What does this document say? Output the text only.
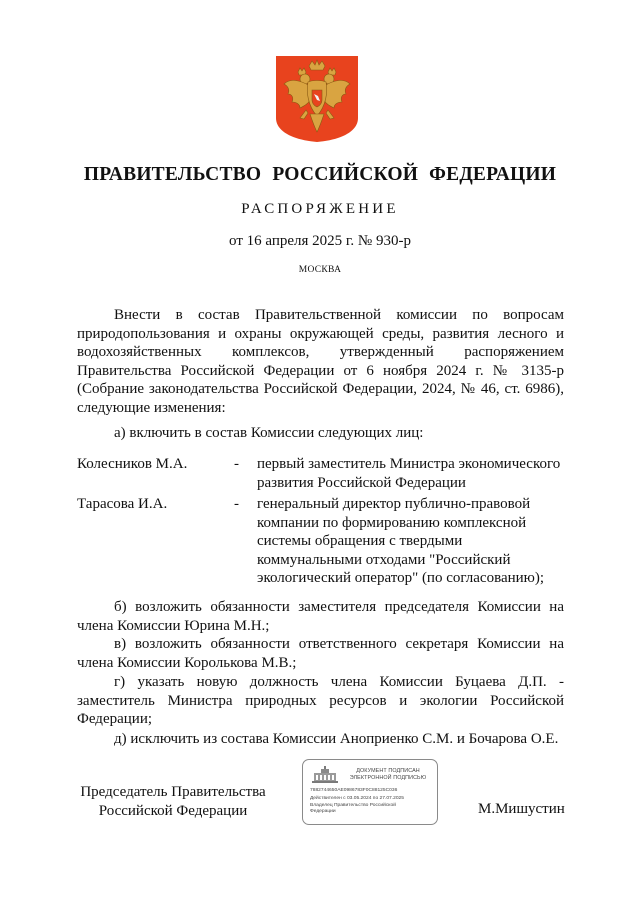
ПРАВИТЕЛЬСТВО РОССИЙСКОЙ ФЕДЕРАЦИИ
РАСПОРЯЖЕНИЕ
от 16 апреля 2025 г. № 930-р
МОСКВА

Внести в состав Правительственной комиссии по вопросам природопользования и охраны окружающей среды, развития лесного и водохозяйственных комплексов, утвержденный распоряжением Правительства Российской Федерации от 6 ноября 2024 г. № 3135-р (Собрание законодательства Российской Федерации, 2024, № 46, ст. 6986), следующие изменения:

а) включить в состав Комиссии следующих лиц:

Колесников М.А.	- первый заместитель Министра экономического развития Российской Федерации
Тарасова И.А.	- генеральный директор публично-правовой компании по формированию комплексной системы обращения с твердыми коммунальными отходами "Российский экологический оператор" (по согласованию);

б) возложить обязанности заместителя председателя Комиссии на члена Комиссии Юрина М.Н.;

в) возложить обязанности ответственного секретаря Комиссии на члена Комиссии Королькова М.В.;

г) указать новую должность члена Комиссии Буцаева Д.П. - заместитель Министра природных ресурсов и экологии Российской Федерации;

д) исключить из состава Комиссии Аноприенко С.М. и Бочарова О.Е.

Председатель Правительства Российской Федерации	М.Мишустин
ДОКУМЕНТ ПОДПИСАН ЭЛЕКТРОННОЙ ПОДПИСЬЮ
7882744650AE0986783F0C88125C036
Действителен с 03.05.2024 по 27.07.2025
Владелец Правительство Российской
Федерации
